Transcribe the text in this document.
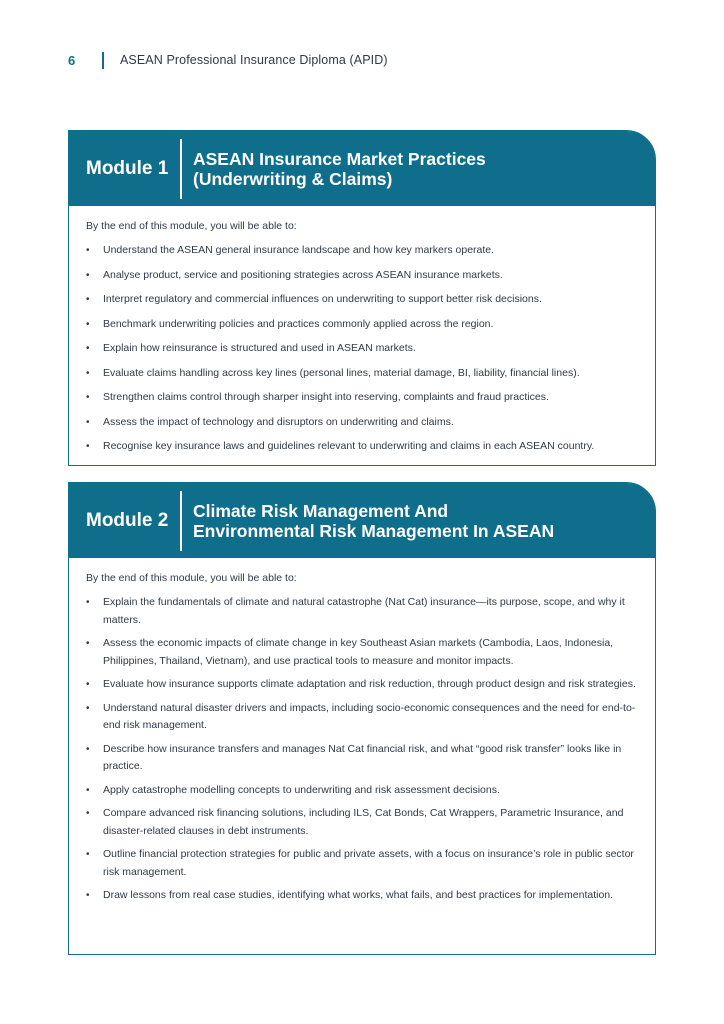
6	ASEAN Professional Insurance Diploma (APID)
Module 1	ASEAN Insurance Market Practices
(Underwriting & Claims)

By the end of this module, you will be able to:

• Understand the ASEAN general insurance landscape and how key markers operate.
• Analyse product, service and positioning strategies across ASEAN insurance markets.
• Interpret regulatory and commercial influences on underwriting to support better risk decisions.
• Benchmark underwriting policies and practices commonly applied across the region.
• Explain how reinsurance is structured and used in ASEAN markets.
• Evaluate claims handling across key lines (personal lines, material damage, BI, liability, financial lines).
• Strengthen claims control through sharper insight into reserving, complaints and fraud practices.
• Assess the impact of technology and disruptors on underwriting and claims.
• Recognise key insurance laws and guidelines relevant to underwriting and claims in each ASEAN country.
Module 2	Climate Risk Management And
Environmental Risk Management In ASEAN

By the end of this module, you will be able to:

• Explain the fundamentals of climate and natural catastrophe (Nat Cat) insurance—its purpose, scope, and why it matters.
• Assess the economic impacts of climate change in key Southeast Asian markets (Cambodia, Laos, Indonesia, Philippines, Thailand, Vietnam), and use practical tools to measure and monitor impacts.
• Evaluate how insurance supports climate adaptation and risk reduction, through product design and risk strategies.
• Understand natural disaster drivers and impacts, including socio-economic consequences and the need for end-to-end risk management.
• Describe how insurance transfers and manages Nat Cat financial risk, and what “good risk transfer” looks like in practice.
• Apply catastrophe modelling concepts to underwriting and risk assessment decisions.
• Compare advanced risk financing solutions, including ILS, Cat Bonds, Cat Wrappers, Parametric Insurance, and disaster-related clauses in debt instruments.
• Outline financial protection strategies for public and private assets, with a focus on insurance’s role in public sector risk management.
• Draw lessons from real case studies, identifying what works, what fails, and best practices for implementation.
